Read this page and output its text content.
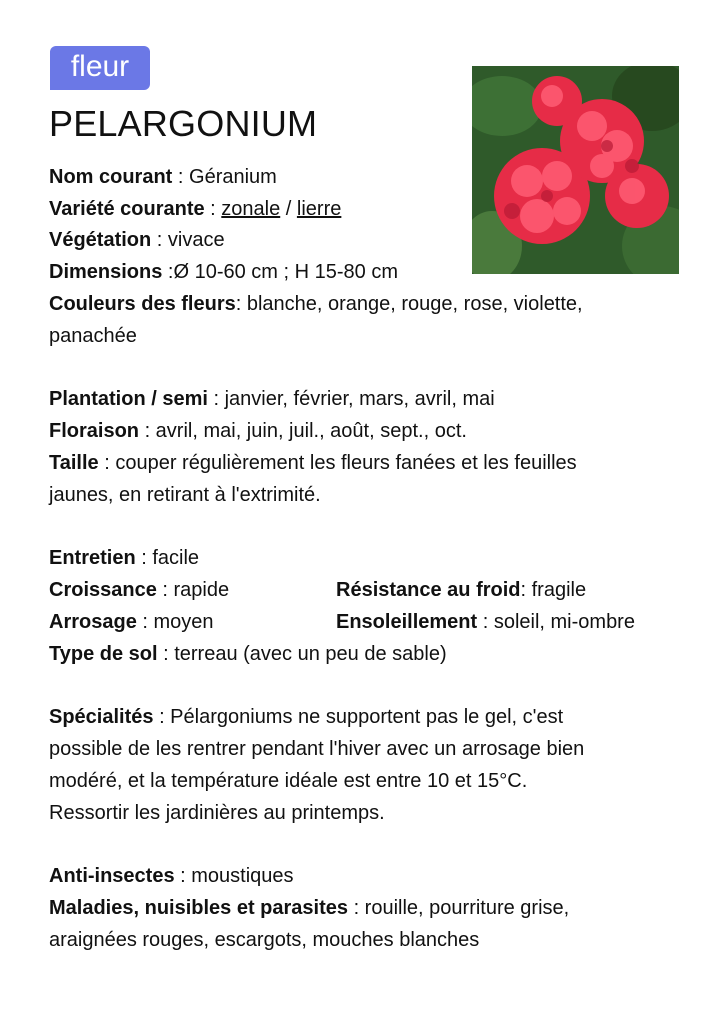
fleur
PELARGONIUM
Nom courant : Géranium
Variété courante : zonale / lierre
Végétation : vivace
Dimensions :Ø 10-60 cm ; H 15-80 cm
Couleurs des fleurs: blanche, orange, rouge, rose, violette,
panachée
Plantation / semi : janvier, février, mars, avril, mai
Floraison : avril, mai, juin, juil., août, sept., oct.
Taille : couper régulièrement les fleurs fanées et les feuilles
jaunes, en retirant à l'extrimité.
Entretien : facile
Croissance : rapide	Résistance au froid: fragile
Arrosage : moyen	Ensoleillement : soleil, mi-ombre
Type de sol : terreau (avec un peu de sable)
Spécialités : Pélargoniums ne supportent pas le gel, c'est
possible de les rentrer pendant l'hiver avec un arrosage bien
modéré, et la température idéale est entre 10 et 15°C.
Ressortir les jardinières au printemps.
Anti-insectes : moustiques
Maladies, nuisibles et parasites : rouille, pourriture grise,
araignées rouges, escargots, mouches blanches
